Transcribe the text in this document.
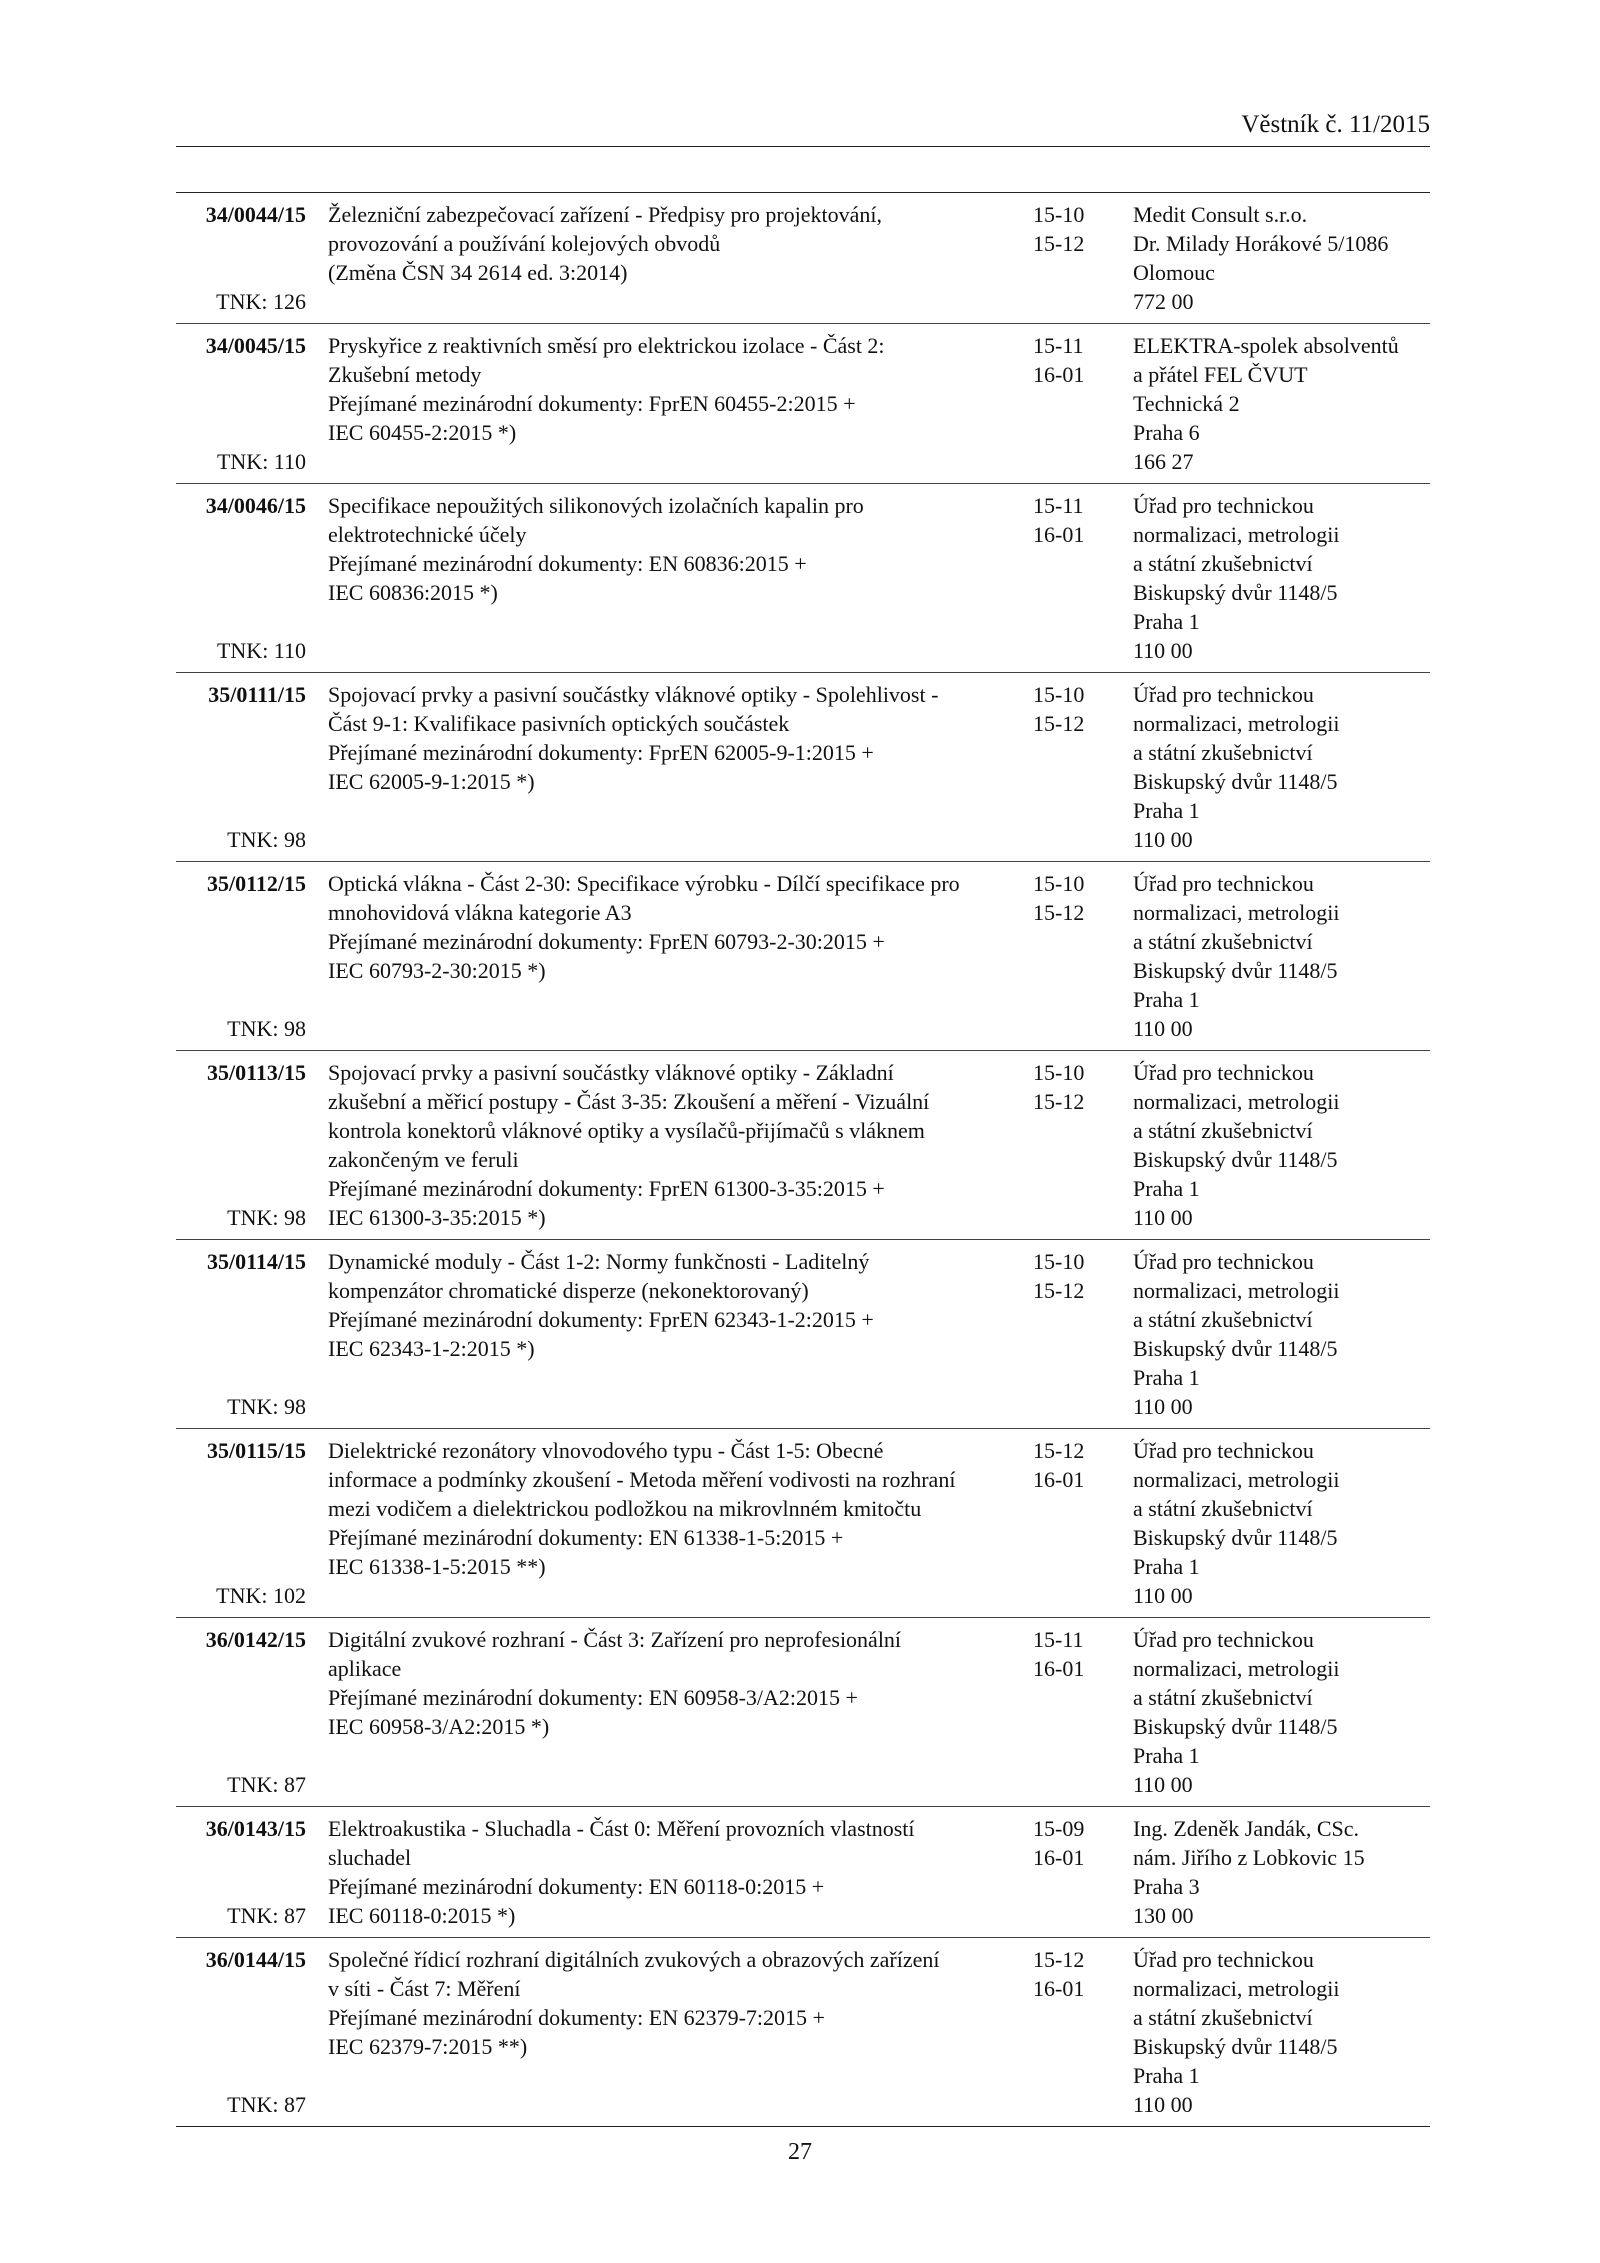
Věstník č. 11/2015
34/0044/15
TNK: 126
Železniční zabezpečovací zařízení - Předpisy pro projektování,
provozování a používání kolejových obvodů
(Změna ČSN 34 2614 ed. 3:2014)
15-10
15-12
Medit Consult s.r.o.
Dr. Milady Horákové 5/1086
Olomouc
772 00
34/0045/15
TNK: 110
Pryskyřice z reaktivních směsí pro elektrickou izolace - Část 2:
Zkušební metody
Přejímané mezinárodní dokumenty: FprEN 60455-2:2015 +
IEC 60455-2:2015 *)
15-11
16-01
ELEKTRA-spolek absolventů
a přátel FEL ČVUT
Technická 2
Praha 6
166 27
34/0046/15
TNK: 110
Specifikace nepoužitých silikonových izolačních kapalin pro
elektrotechnické účely
Přejímané mezinárodní dokumenty: EN 60836:2015 +
IEC 60836:2015 *)
15-11
16-01
Úřad pro technickou
normalizaci, metrologii
a státní zkušebnictví
Biskupský dvůr 1148/5
Praha 1
110 00
35/0111/15
TNK: 98
Spojovací prvky a pasivní součástky vláknové optiky - Spolehlivost -
Část 9-1: Kvalifikace pasivních optických součástek
Přejímané mezinárodní dokumenty: FprEN 62005-9-1:2015 +
IEC 62005-9-1:2015 *)
15-10
15-12
Úřad pro technickou
normalizaci, metrologii
a státní zkušebnictví
Biskupský dvůr 1148/5
Praha 1
110 00
35/0112/15
TNK: 98
Optická vlákna - Část 2-30: Specifikace výrobku - Dílčí specifikace pro
mnohovidová vlákna kategorie A3
Přejímané mezinárodní dokumenty: FprEN 60793-2-30:2015 +
IEC 60793-2-30:2015 *)
15-10
15-12
Úřad pro technickou
normalizaci, metrologii
a státní zkušebnictví
Biskupský dvůr 1148/5
Praha 1
110 00
35/0113/15
TNK: 98
Spojovací prvky a pasivní součástky vláknové optiky - Základní
zkušební a měřicí postupy - Část 3-35: Zkoušení a měření - Vizuální
kontrola konektorů vláknové optiky a vysílačů-přijímačů s vláknem
zakončeným ve feruli
Přejímané mezinárodní dokumenty: FprEN 61300-3-35:2015 +
IEC 61300-3-35:2015 *)
15-10
15-12
Úřad pro technickou
normalizaci, metrologii
a státní zkušebnictví
Biskupský dvůr 1148/5
Praha 1
110 00
35/0114/15
TNK: 98
Dynamické moduly - Část 1-2: Normy funkčnosti - Laditelný
kompenzátor chromatické disperze (nekonektorovaný)
Přejímané mezinárodní dokumenty: FprEN 62343-1-2:2015 +
IEC 62343-1-2:2015 *)
15-10
15-12
Úřad pro technickou
normalizaci, metrologii
a státní zkušebnictví
Biskupský dvůr 1148/5
Praha 1
110 00
35/0115/15
TNK: 102
Dielektrické rezonátory vlnovodového typu - Část 1-5: Obecné
informace a podmínky zkoušení - Metoda měření vodivosti na rozhraní
mezi vodičem a dielektrickou podložkou na mikrovlnném kmitočtu
Přejímané mezinárodní dokumenty: EN 61338-1-5:2015 +
IEC 61338-1-5:2015 **)
15-12
16-01
Úřad pro technickou
normalizaci, metrologii
a státní zkušebnictví
Biskupský dvůr 1148/5
Praha 1
110 00
36/0142/15
TNK: 87
Digitální zvukové rozhraní - Část 3: Zařízení pro neprofesionální
aplikace
Přejímané mezinárodní dokumenty: EN 60958-3/A2:2015 +
IEC 60958-3/A2:2015 *)
15-11
16-01
Úřad pro technickou
normalizaci, metrologii
a státní zkušebnictví
Biskupský dvůr 1148/5
Praha 1
110 00
36/0143/15
TNK: 87
Elektroakustika - Sluchadla - Část 0: Měření provozních vlastností
sluchadel
Přejímané mezinárodní dokumenty: EN 60118-0:2015 +
IEC 60118-0:2015 *)
15-09
16-01
Ing. Zdeněk Jandák, CSc.
nám. Jiřího z Lobkovic 15
Praha 3
130 00
36/0144/15
TNK: 87
Společné řídicí rozhraní digitálních zvukových a obrazových zařízení
v síti - Část 7: Měření
Přejímané mezinárodní dokumenty: EN 62379-7:2015 +
IEC 62379-7:2015 **)
15-12
16-01
Úřad pro technickou
normalizaci, metrologii
a státní zkušebnictví
Biskupský dvůr 1148/5
Praha 1
110 00
27
